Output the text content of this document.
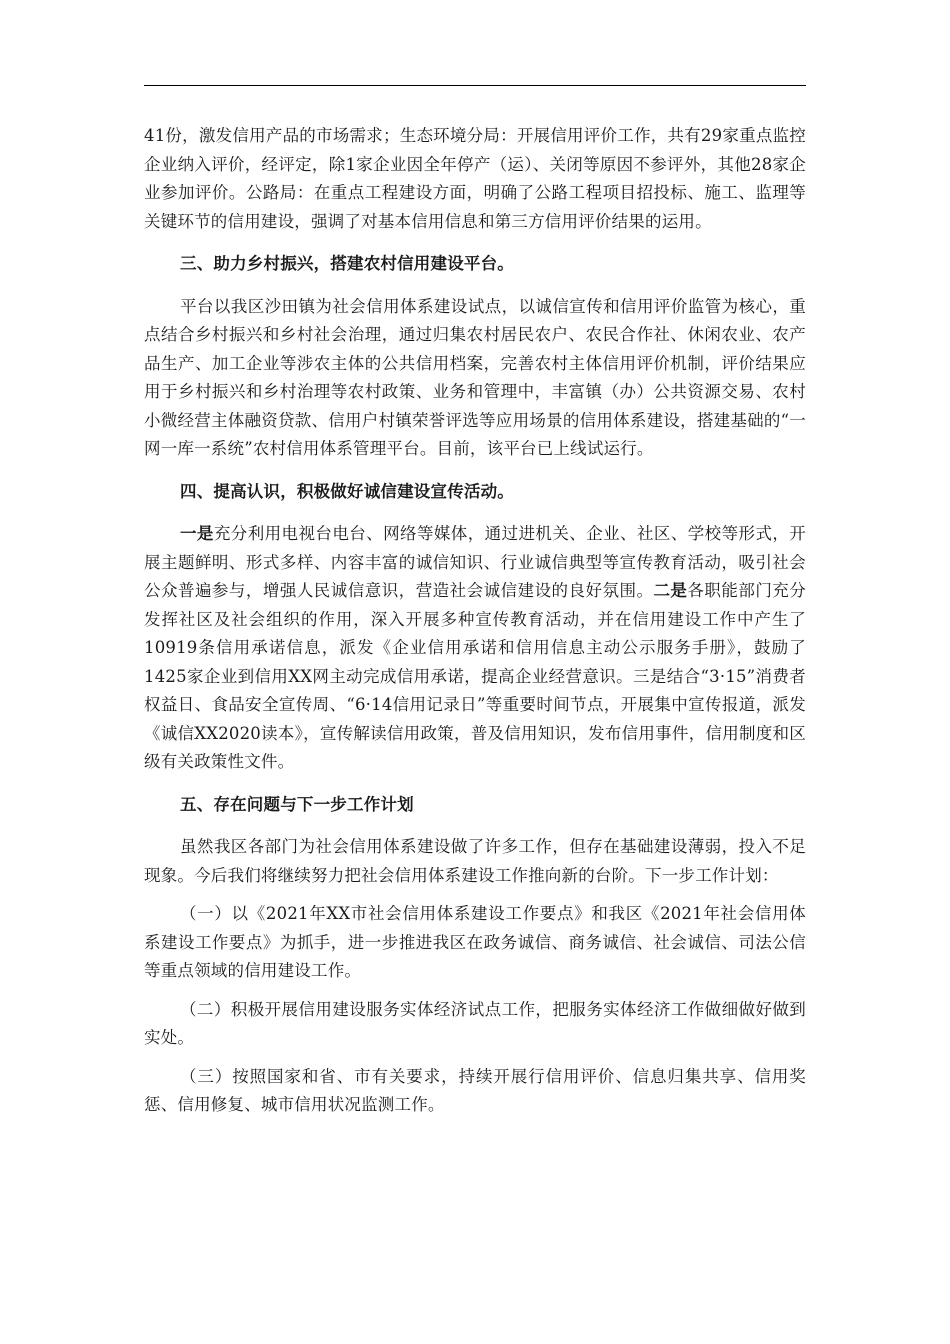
41份，激发信用产品的市场需求；生态环境分局：开展信用评价工作，共有29家重点监控企业纳入评价，经评定，除1家企业因全年停产（运）、关闭等原因不参评外，其他28家企业参加评价。公路局：在重点工程建设方面，明确了公路工程项目招投标、施工、监理等关键环节的信用建设，强调了对基本信用信息和第三方信用评价结果的运用。

三、助力乡村振兴，搭建农村信用建设平台。

平台以我区沙田镇为社会信用体系建设试点，以诚信宣传和信用评价监管为核心，重点结合乡村振兴和乡村社会治理，通过归集农村居民农户、农民合作社、休闲农业、农产品生产、加工企业等涉农主体的公共信用档案，完善农村主体信用评价机制，评价结果应用于乡村振兴和乡村治理等农村政策、业务和管理中，丰富镇（办）公共资源交易、农村小微经营主体融资贷款、信用户村镇荣誉评选等应用场景的信用体系建设，搭建基础的“一网一库一系统”农村信用体系管理平台。目前，该平台已上线试运行。

四、提高认识，积极做好诚信建设宣传活动。

一是充分利用电视台电台、网络等媒体，通过进机关、企业、社区、学校等形式，开展主题鲜明、形式多样、内容丰富的诚信知识、行业诚信典型等宣传教育活动，吸引社会公众普遍参与，增强人民诚信意识，营造社会诚信建设的良好氛围。二是各职能部门充分发挥社区及社会组织的作用，深入开展多种宣传教育活动，并在信用建设工作中产生了10919条信用承诺信息，派发《企业信用承诺和信用信息主动公示服务手册》，鼓励了1425家企业到信用XX网主动完成信用承诺，提高企业经营意识。三是结合“3·15”消费者权益日、食品安全宣传周、“6·14信用记录日”等重要时间节点，开展集中宣传报道，派发《诚信XX2020读本》，宣传解读信用政策，普及信用知识，发布信用事件，信用制度和区级有关政策性文件。

五、存在问题与下一步工作计划

虽然我区各部门为社会信用体系建设做了许多工作，但存在基础建设薄弱，投入不足现象。今后我们将继续努力把社会信用体系建设工作推向新的台阶。下一步工作计划：

（一）以《2021年XX市社会信用体系建设工作要点》和我区《2021年社会信用体系建设工作要点》为抓手，进一步推进我区在政务诚信、商务诚信、社会诚信、司法公信等重点领域的信用建设工作。

（二）积极开展信用建设服务实体经济试点工作，把服务实体经济工作做细做好做到实处。

（三）按照国家和省、市有关要求，持续开展行信用评价、信息归集共享、信用奖惩、信用修复、城市信用状况监测工作。
